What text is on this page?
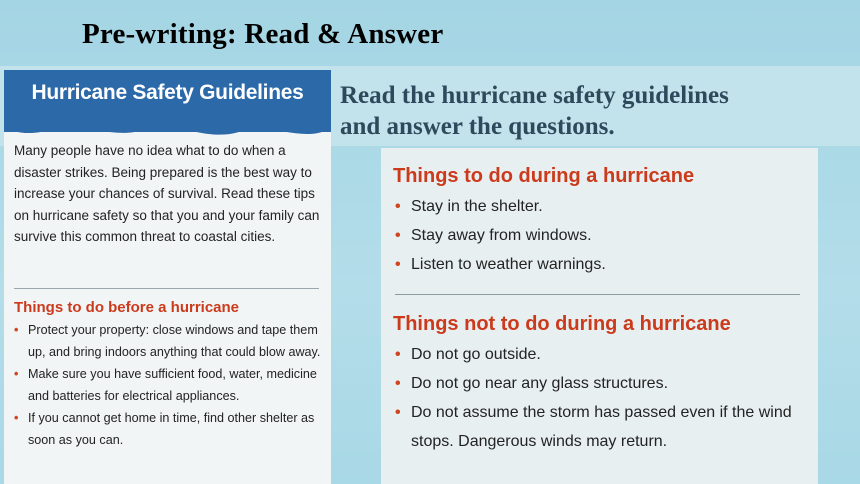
Pre-writing: Read & Answer
Hurricane Safety Guidelines
Many people have no idea what to do when a disaster strikes. Being prepared is the best way to increase your chances of survival. Read these tips on hurricane safety so that you and your family can survive this common threat to coastal cities.
Things to do before a hurricane
• Protect your property: close windows and tape them up, and bring indoors anything that could blow away.
• Make sure you have sufficient food, water, medicine and batteries for electrical appliances.
• If you cannot get home in time, find other shelter as soon as you can.
Read the hurricane safety guidelines
and answer the questions.
Things to do during a hurricane
• Stay in the shelter.
• Stay away from windows.
• Listen to weather warnings.
Things not to do during a hurricane
• Do not go outside.
• Do not go near any glass structures.
• Do not assume the storm has passed even if the wind stops. Dangerous winds may return.
